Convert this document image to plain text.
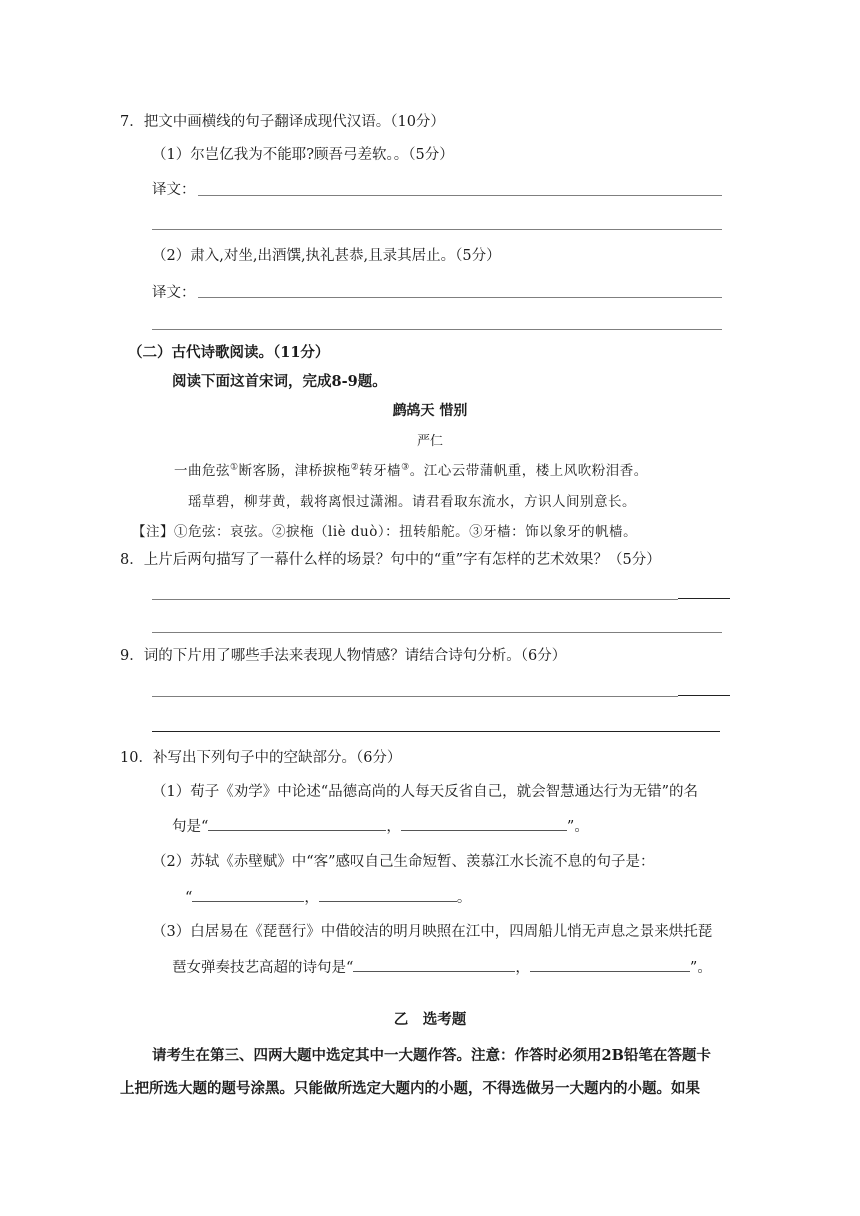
7．把文中画横线的句子翻译成现代汉语。（10分）
（1）尔岂亿我为不能耶?顾吾弓差软。。（5分）
译文：
（2）肃入,对坐,出酒馔,执礼甚恭,且录其居止。（5分）
译文：
（二）古代诗歌阅读。（11分）
阅读下面这首宋词，完成8-9题。
鹧鸪天 惜别
严仁
一曲危弦①断客肠，津桥捩柂②转牙樯③。江心云带蒲帆重，楼上风吹粉泪香。
瑶草碧，柳芽黄，载将离恨过潇湘。请君看取东流水，方识人间别意长。
【注】①危弦：哀弦。②捩柂（liè duò）：扭转船舵。③牙樯：饰以象牙的帆樯。
8．上片后两句描写了一幕什么样的场景？句中的“重”字有怎样的艺术效果？（5分）
9．词的下片用了哪些手法来表现人物情感？请结合诗句分析。（6分）
10．补写出下列句子中的空缺部分。（6分）
（1）荀子《劝学》中论述“品德高尚的人每天反省自己，就会智慧通达行为无错”的名
句是“	，	”。
（2）苏轼《赤壁赋》中“客”感叹自己生命短暂、羡慕江水长流不息的句子是：
“	，	。
（3）白居易在《琵琶行》中借皎洁的明月映照在江中，四周船儿悄无声息之景来烘托琵
琶女弹奏技艺高超的诗句是“	，	”。
乙　选考题
请考生在第三、四两大题中选定其中一大题作答。注意：作答时必须用2B铅笔在答题卡
上把所选大题的题号涂黑。只能做所选定大题内的小题，不得选做另一大题内的小题。如果
